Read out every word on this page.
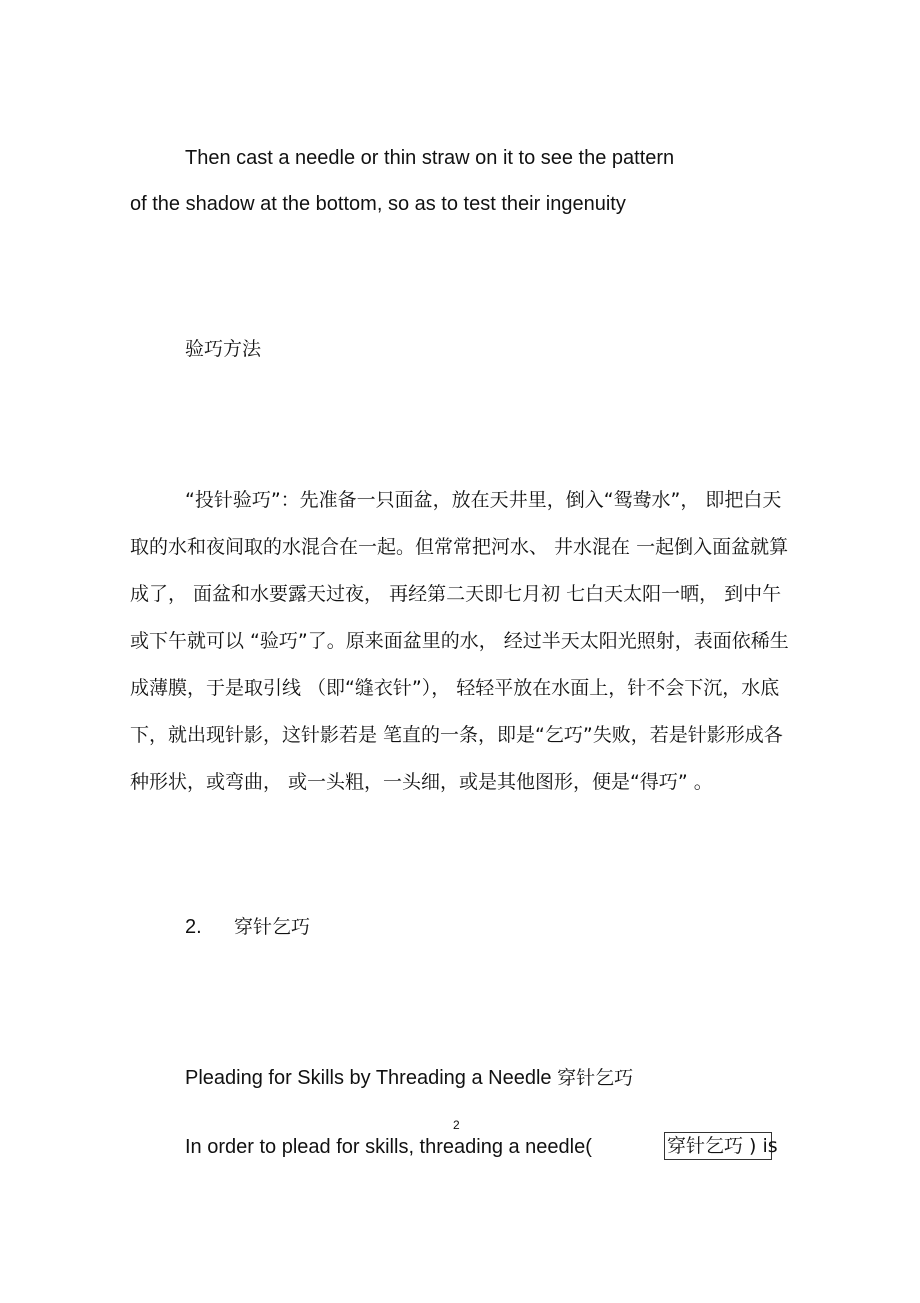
Then cast a needle or thin straw on it to see the pattern
of the shadow at the bottom, so as to test their ingenuity
验巧方法
“投针验巧”：先准备一只面盆，放在天井里，倒入“鸳鸯水”， 即把白天
取的水和夜间取的水混合在一起。但常常把河水、 井水混在 一起倒入面盆就算
成了， 面盆和水要露天过夜， 再经第二天即七月初 七白天太阳一晒， 到中午
或下午就可以 “验巧”了。原来面盆里的水， 经过半天太阳光照射，表面依稀生
成薄膜，于是取引线 （即“缝衣针”）， 轻轻平放在水面上，针不会下沉，水底
下，就出现针影，这针影若是 笔直的一条，即是“乞巧”失败，若是针影形成各
种形状，或弯曲， 或一头粗，一头细，或是其他图形，便是“得巧” 。
2. 穿针乞巧
Pleading for Skills by Threading a Needle 穿针乞巧
2
In order to plead for skills, threading a needle(	穿针乞巧 ) is
